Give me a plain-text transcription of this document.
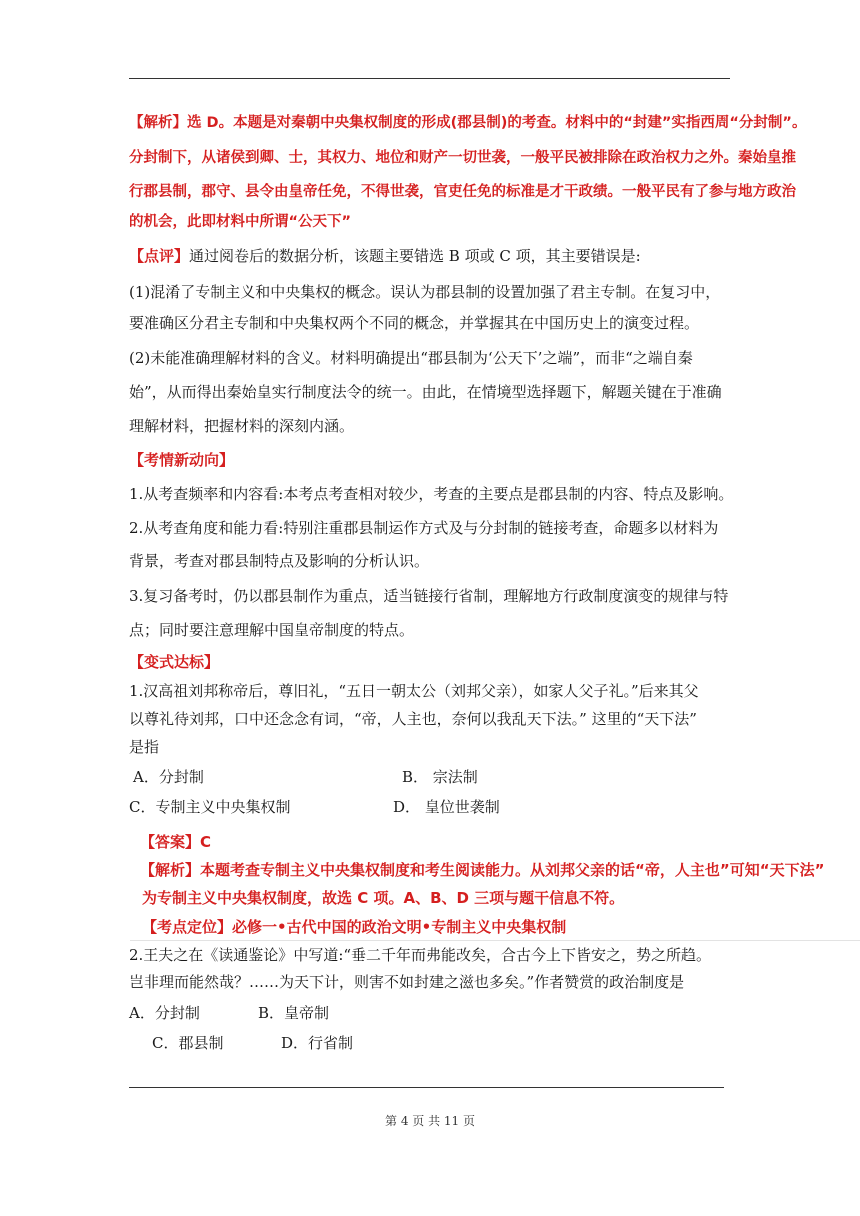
【解析】选 D。本题是对秦朝中央集权制度的形成(郡县制)的考查。材料中的“封建”实指西周“分封制”。
分封制下，从诸侯到卿、士，其权力、地位和财产一切世袭，一般平民被排除在政治权力之外。秦始皇推
行郡县制，郡守、县令由皇帝任免，不得世袭，官吏任免的标准是才干政绩。一般平民有了参与地方政治
的机会，此即材料中所谓“公天下”
【点评】通过阅卷后的数据分析，该题主要错选 B 项或 C 项，其主要错误是:
(1)混淆了专制主义和中央集权的概念。误认为郡县制的设置加强了君主专制。在复习中，
要准确区分君主专制和中央集权两个不同的概念，并掌握其在中国历史上的演变过程。
(2)未能准确理解材料的含义。材料明确提出“郡县制为‘公天下’之端”，而非“之端自秦
始”，从而得出秦始皇实行制度法令的统一。由此，在情境型选择题下，解题关键在于准确
理解材料，把握材料的深刻内涵。
【考情新动向】
1.从考查频率和内容看:本考点考查相对较少，考查的主要点是郡县制的内容、特点及影响。
2.从考查角度和能力看:特别注重郡县制运作方式及与分封制的链接考查，命题多以材料为
背景，考查对郡县制特点及影响的分析认识。
3.复习备考时，仍以郡县制作为重点，适当链接行省制，理解地方行政制度演变的规律与特
点；同时要注意理解中国皇帝制度的特点。
【变式达标】
1.汉高祖刘邦称帝后，尊旧礼，“五日一朝太公（刘邦父亲），如家人父子礼。”后来其父
以尊礼待刘邦，口中还念念有词，“帝，人主也，奈何以我乱天下法。” 这里的“天下法”
是指
A．分封制	B． 宗法制
C．专制主义中央集权制	D． 皇位世袭制
【答案】C
【解析】本题考查专制主义中央集权制度和考生阅读能力。从刘邦父亲的话“帝，人主也”可知“天下法”
为专制主义中央集权制度，故选 C 项。A、B、D 三项与题干信息不符。
【考点定位】必修一•古代中国的政治文明•专制主义中央集权制
2.王夫之在《读通鉴论》中写道:“垂二千年而弗能改矣，合古今上下皆安之，势之所趋。
岂非理而能然哉？……为天下计，则害不如封建之滋也多矣。”作者赞赏的政治制度是
A．分封制	B．皇帝制
C．郡县制	D．行省制
第 4 页 共 11 页
